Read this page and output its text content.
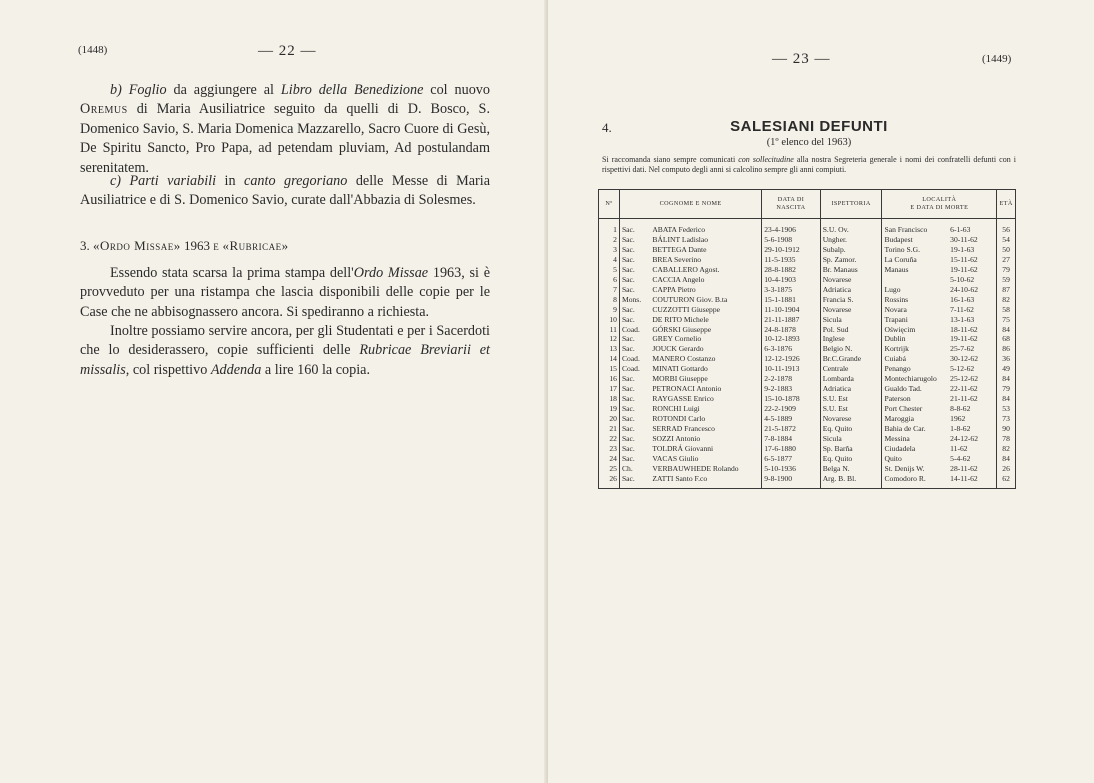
(1448)	— 22 —
b) Foglio da aggiungere al Libro della Benedizione col nuovo Oremus di Maria Ausiliatrice seguito da quelli di D. Bosco, S. Domenico Savio, S. Maria Domenica Mazzarello, Sacro Cuore di Gesù, De Spiritu Sancto, Pro Papa, ad petendam pluviam, Ad postulandam serenitatem.
c) Parti variabili in canto gregoriano delle Messe di Maria Ausiliatrice e di S. Domenico Savio, curate dall'Abbazia di Solesmes.
3. «Ordo Missae» 1963 e «Rubricae»
Essendo stata scarsa la prima stampa dell'Ordo Missae 1963, si è provveduto per una ristampa che lascia disponibili delle copie per le Case che ne abbisognassero ancora. Si spediranno a richiesta.
Inoltre possiamo servire ancora, per gli Studentati e per i Sacerdoti che lo desiderassero, copie sufficienti delle Rubricae Breviarii et missalis, col rispettivo Addenda a lire 160 la copia.
— 23 —	(1449)
4.	SALESIANI DEFUNTI
(1º elenco del 1963)
Si raccomanda siano sempre comunicati con sollecitudine alla nostra Segreteria generale i nomi dei confratelli defunti con i rispettivi dati. Nel computo degli anni si calcolino sempre gli anni compiuti.
Nº	COGNOME E NOME		DATA DI
NASCITA	ISPETTORIA	LOCALITÀ
E DATA DI MORTE		ETÀ
1	Sac.	ABATA Federico	23-4-1906	S.U. Ov.	San Francisco	6-1-63	56
2	Sac.	BÁLINT Ladislao	5-6-1908	Ungher.	Budapest	30-11-62	54
3	Sac.	BETTEGA Dante	29-10-1912	Subalp.	Torino S.G.	19-1-63	50
4	Sac.	BREA Severino	11-5-1935	Sp. Zamor.	La Coruña	15-11-62	27
5	Sac.	CABALLERO Agost.	28-8-1882	Br. Manaus	Manaus	19-11-62	79
6	Sac.	CACCIA Angelo	10-4-1903	Novarese		5-10-62	59
7	Sac.	CAPPA Pietro	3-3-1875	Adriatica	Lugo	24-10-62	87
8	Mons.	COUTURON Giov. B.ta	15-1-1881	Francia S.	Rossins	16-1-63	82
9	Sac.	CUZZOTTI Giuseppe	11-10-1904	Novarese	Novara	7-11-62	58
10	Sac.	DE RITO Michele	21-11-1887	Sicula	Trapani	13-1-63	75
11	Coad.	GÓRSKI Giuseppe	24-8-1878	Pol. Sud	Oświęcim	18-11-62	84
12	Sac.	GREY Cornelio	10-12-1893	Inglese	Dublin	19-11-62	68
13	Sac.	JOUCK Gerardo	6-3-1876	Belgio N.	Kortrijk	25-7-62	86
14	Coad.	MANERO Costanzo	12-12-1926	Br.C.Grande	Cuiabá	30-12-62	36
15	Coad.	MINATI Gottardo	10-11-1913	Centrale	Penango	5-12-62	49
16	Sac.	MORBI Giuseppe	2-2-1878	Lombarda	Montechiarugolo	25-12-62	84
17	Sac.	PETRONACI Antonio	9-2-1883	Adriatica	Gualdo Tad.	22-11-62	79
18	Sac.	RAYGASSE Enrico	15-10-1878	S.U. Est	Paterson	21-11-62	84
19	Sac.	RONCHI Luigi	22-2-1909	S.U. Est	Port Chester	8-8-62	53
20	Sac.	ROTONDI Carlo	4-5-1889	Novarese	Maroggia	1962	73
21	Sac.	SERRAD Francesco	21-5-1872	Eq. Quito	Bahia de Car.	1-8-62	90
22	Sac.	SOZZI Antonio	7-8-1884	Sicula	Messina	24-12-62	78
23	Sac.	TOLDRÁ Giovanni	17-6-1880	Sp. Barña	Ciudadela	11-62	82
24	Sac.	VACAS Giulio	6-5-1877	Eq. Quito	Quito	5-4-62	84
25	Ch.	VERBAUWHEDE Rolando	5-10-1936	Belga N.	St. Denijs W.	28-11-62	26
26	Sac.	ZATTI Santo F.co	9-8-1900	Arg. B. Bl.	Comodoro R.	14-11-62	62
